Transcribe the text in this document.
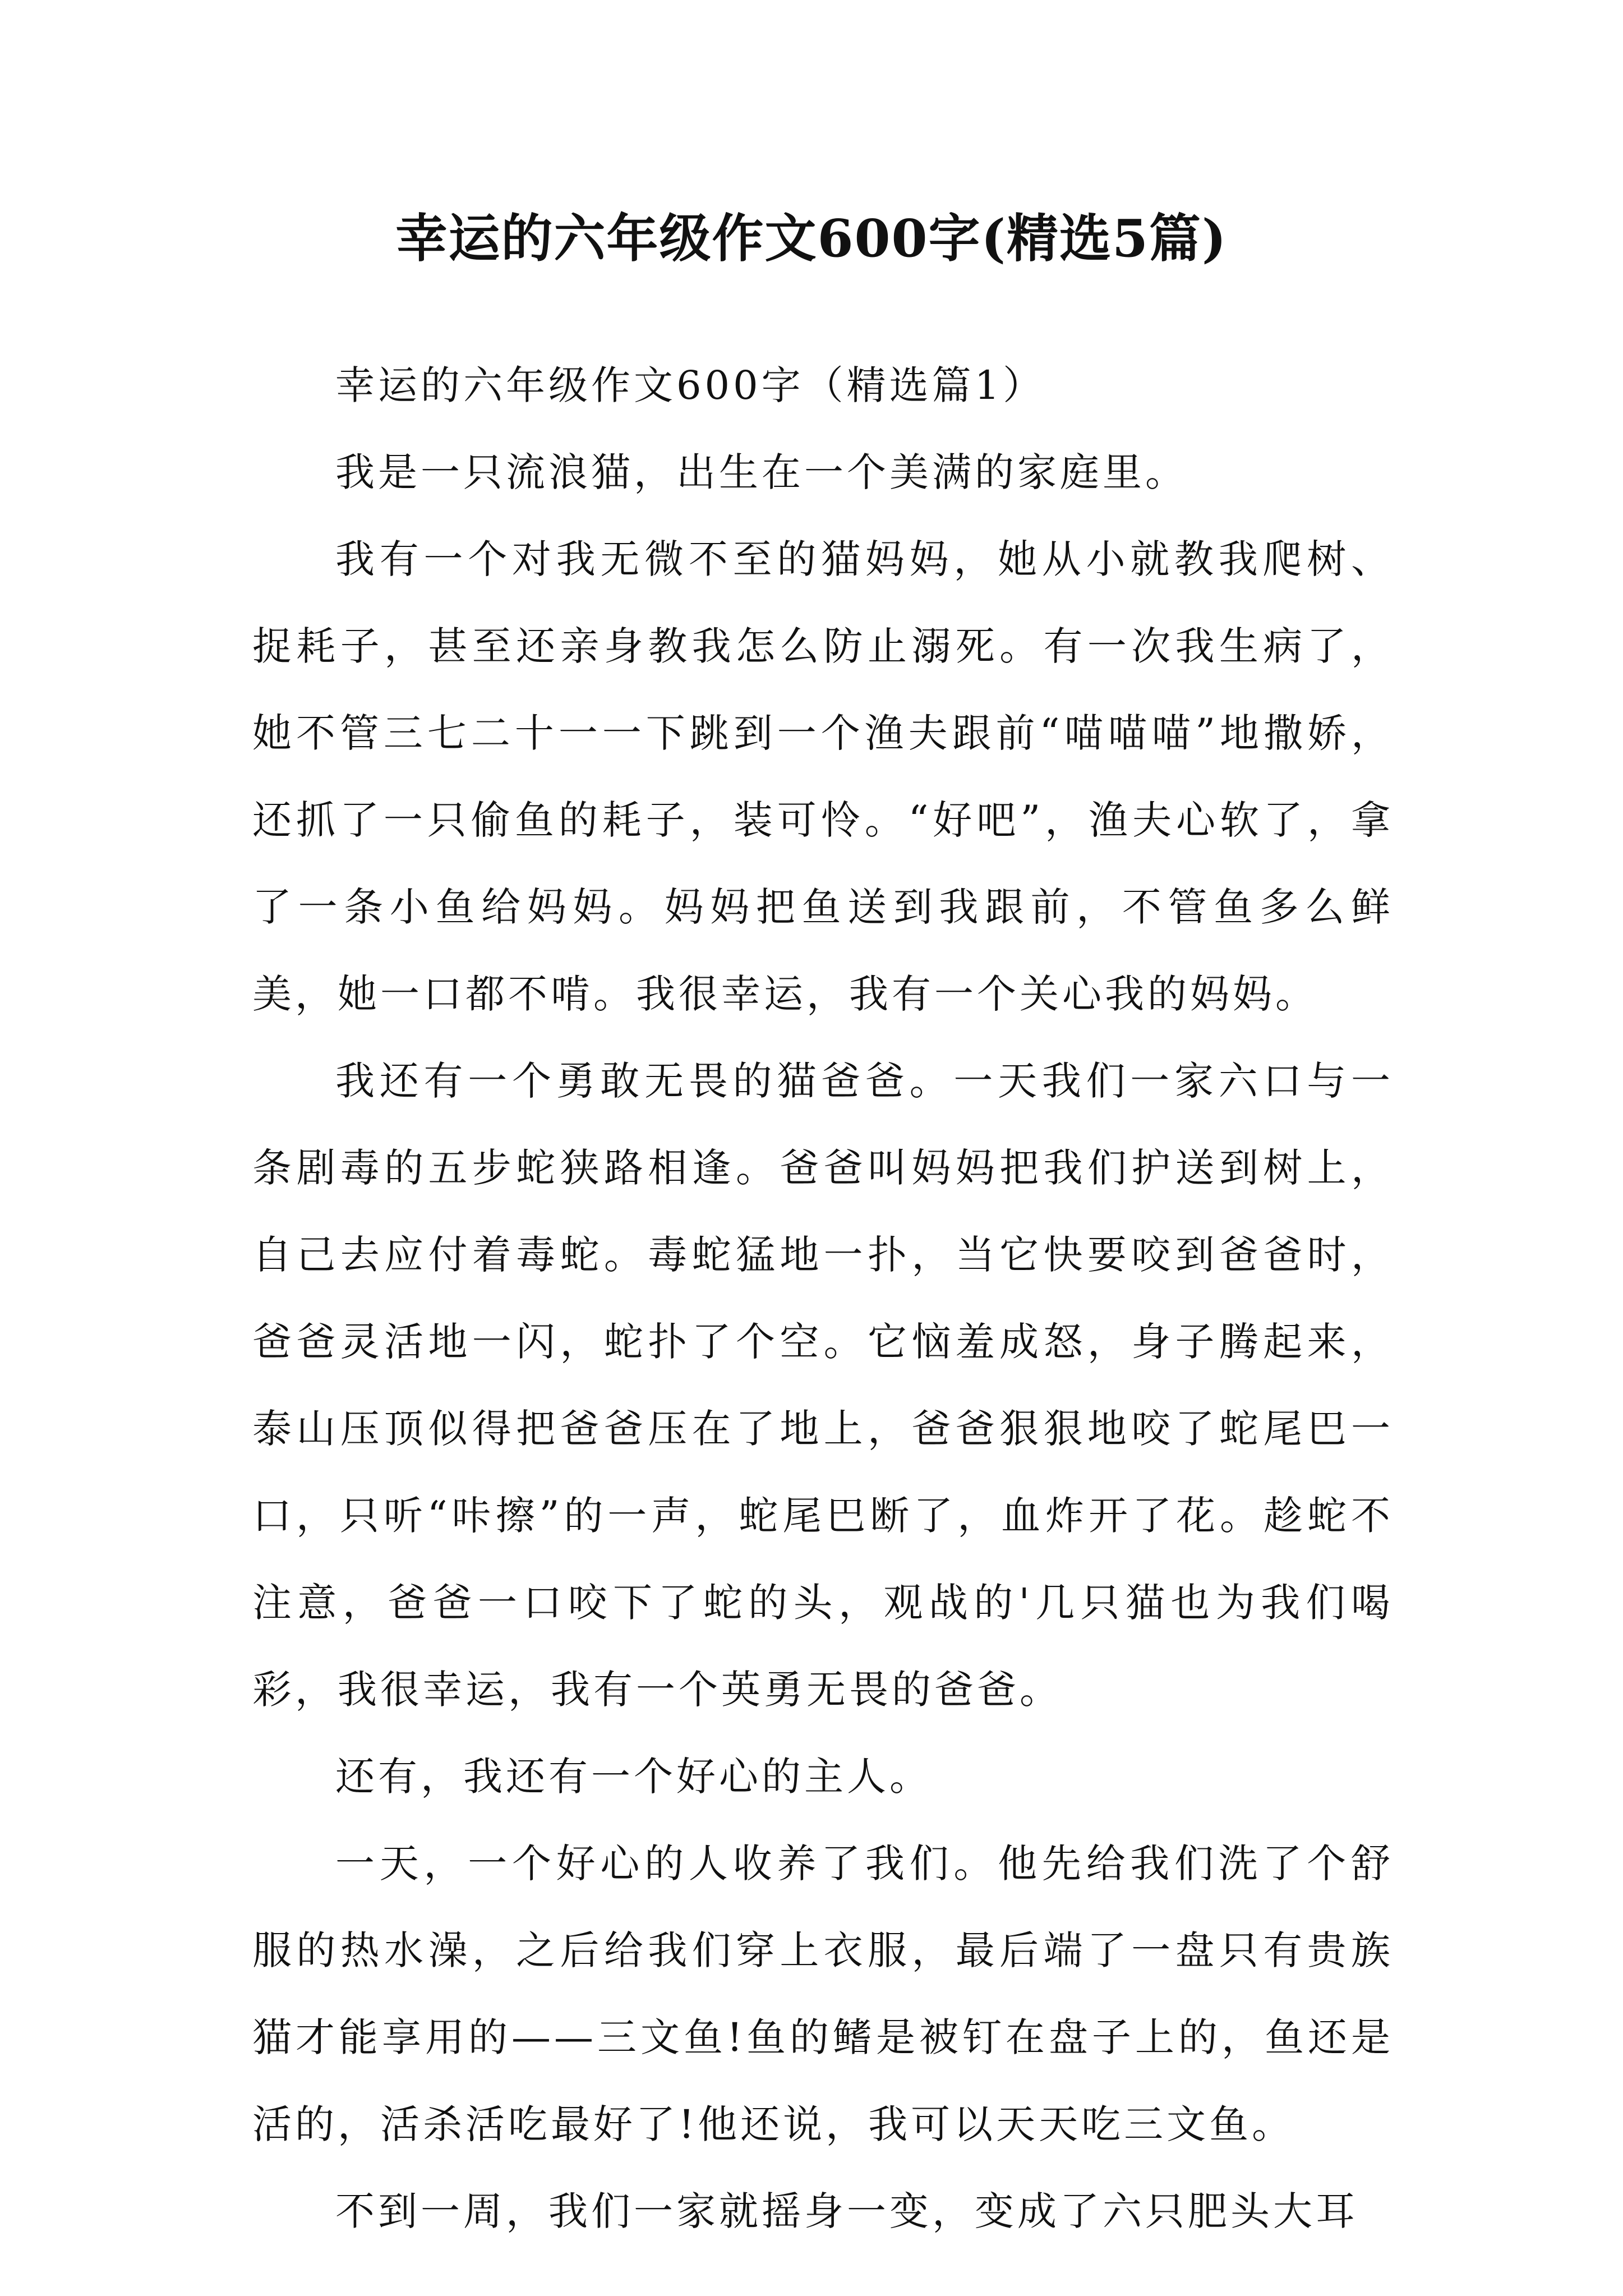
幸运的六年级作文600字(精选5篇)

幸运的六年级作文600字（精选篇1）

我是一只流浪猫，出生在一个美满的家庭里。

我有一个对我无微不至的猫妈妈，她从小就教我爬树、捉耗子，甚至还亲身教我怎么防止溺死。有一次我生病了，她不管三七二十一一下跳到一个渔夫跟前“喵喵喵”地撒娇，还抓了一只偷鱼的耗子，装可怜。“好吧”，渔夫心软了，拿了一条小鱼给妈妈。妈妈把鱼送到我跟前，不管鱼多么鲜美，她一口都不啃。我很幸运，我有一个关心我的妈妈。

我还有一个勇敢无畏的猫爸爸。一天我们一家六口与一条剧毒的五步蛇狭路相逢。爸爸叫妈妈把我们护送到树上，自己去应付着毒蛇。毒蛇猛地一扑，当它快要咬到爸爸时，爸爸灵活地一闪，蛇扑了个空。它恼羞成怒，身子腾起来，泰山压顶似得把爸爸压在了地上，爸爸狠狠地咬了蛇尾巴一口，只听“咔擦”的一声，蛇尾巴断了，血炸开了花。趁蛇不注意，爸爸一口咬下了蛇的头，观战的'几只猫也为我们喝彩，我很幸运，我有一个英勇无畏的爸爸。

还有，我还有一个好心的主人。

一天，一个好心的人收养了我们。他先给我们洗了个舒服的热水澡，之后给我们穿上衣服，最后端了一盘只有贵族猫才能享用的——三文鱼!鱼的鳍是被钉在盘子上的，鱼还是活的，活杀活吃最好了!他还说，我可以天天吃三文鱼。

不到一周，我们一家就摇身一变，变成了六只肥头大耳
